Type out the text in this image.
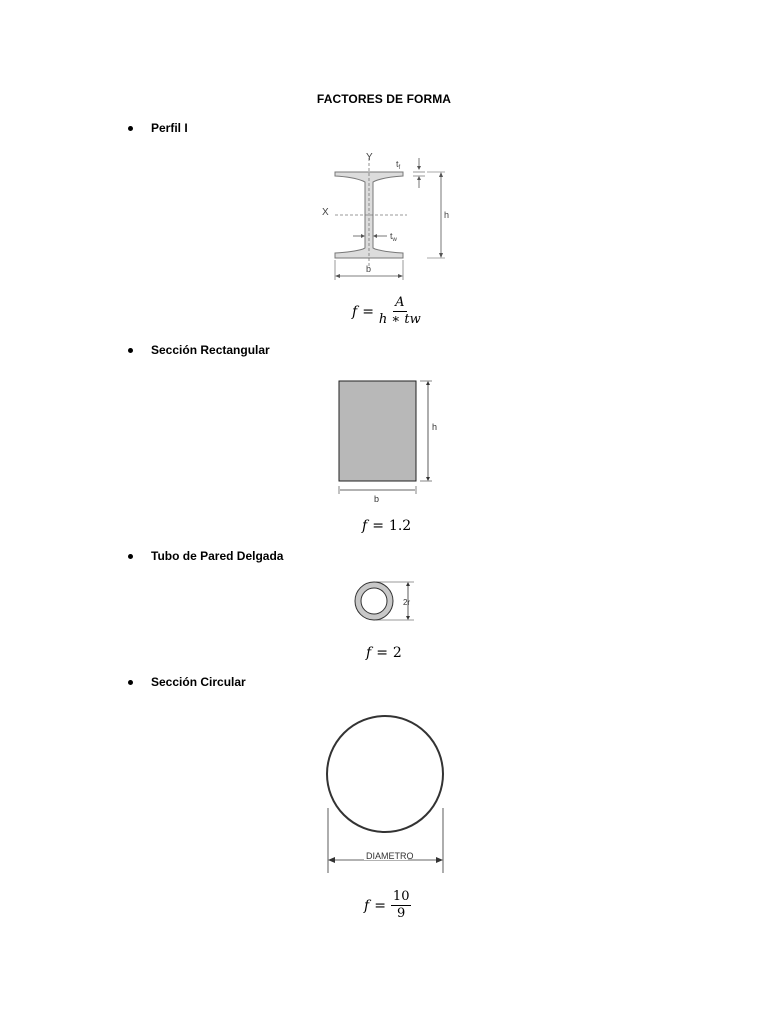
FACTORES DE FORMA
Perfil I
Y
X
$t_f$
h
$t_w$
b
$f = \frac{A}{h ∗ tw}$
Sección Rectangular
h
b
f = 1.2
Tubo de Pared Delgada
2r
f = 2
Sección Circular
DIAMETRO
$f = \frac{10}{9}$
